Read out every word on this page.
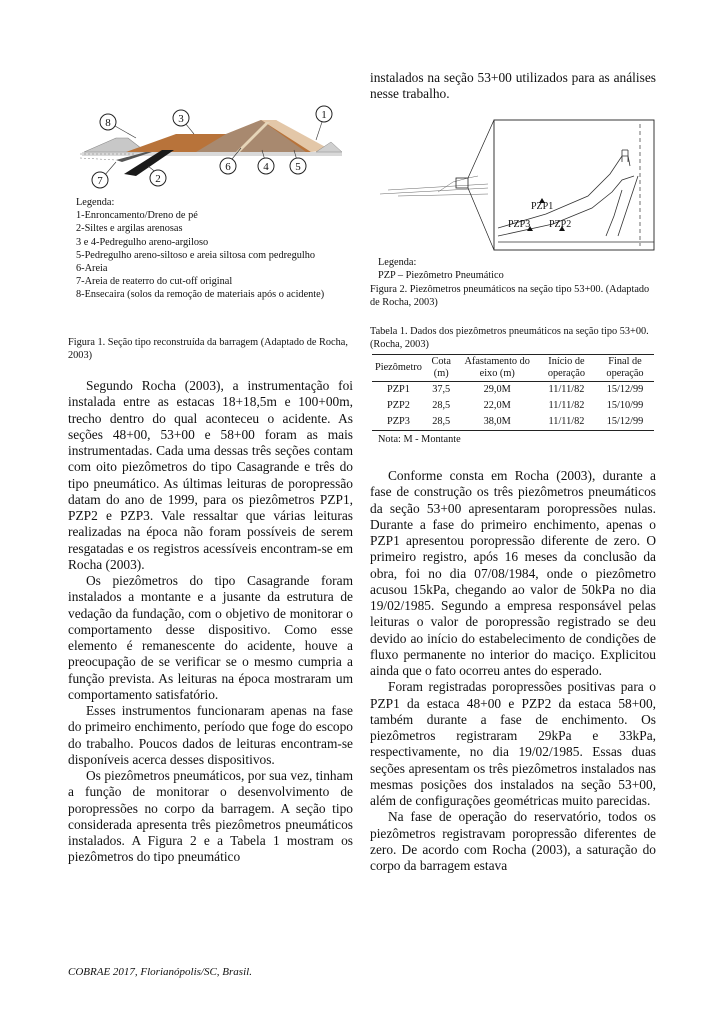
1
2
3
4 5
6
7
8
Legenda:
1-Enroncamento/Dreno de pé
2-Siltes e argilas arenosas
3 e 4-Pedregulho areno-argiloso
5-Pedregulho areno-siltoso e areia siltosa com pedregulho
6-Areia
7-Areia de reaterro do cut-off original
8-Ensecaira (solos da remoção de materiais após o acidente)
Figura 1. Seção tipo reconstruída da barragem (Adaptado de Rocha, 2003)

Segundo Rocha (2003), a instrumentação foi instalada entre as estacas 18+18,5m e 100+00m, trecho dentro do qual aconteceu o acidente. As seções 48+00, 53+00 e 58+00 foram as mais instrumentadas. Cada uma dessas três seções contam com oito piezômetros do tipo Casagrande e três do tipo pneumático. As últimas leituras de poropressão datam do ano de 1999, para os piezômetros PZP1, PZP2 e PZP3. Vale ressaltar que várias leituras realizadas na época não foram possíveis de serem resgatadas e os registros acessíveis encontram-se em Rocha (2003).

Os piezômetros do tipo Casagrande foram instalados a montante e a jusante da estrutura de vedação da fundação, com o objetivo de monitorar o comportamento desse dispositivo. Como esse elemento é remanescente do acidente, houve a preocupação de se verificar se o mesmo cumpria a função prevista. As leituras na época mostraram um comportamento satisfatório.

Esses instrumentos funcionaram apenas na fase do primeiro enchimento, período que foge do escopo do trabalho. Poucos dados de leituras encontram-se disponíveis acerca desses dispositivos.

Os piezômetros pneumáticos, por sua vez, tinham a função de monitorar o desenvolvimento de poropressões no corpo da barragem. A seção tipo considerada apresenta três piezômetros pneumáticos instalados. A Figura 2 e a Tabela 1 mostram os piezômetros do tipo pneumático

instalados na seção 53+00 utilizados para as análises nesse trabalho.

PZP1
PZP3 PZP2
Legenda:
PZP – Piezômetro Pneumático
Figura 2. Piezômetros pneumáticos na seção tipo 53+00. (Adaptado de Rocha, 2003)
Tabela 1. Dados dos piezômetros pneumáticos na seção tipo 53+00. (Rocha, 2003)
Piezômetro	Cota (m)	Afastamento do eixo (m)	Início de operação	Final de operação
PZP1	37,5	29,0M	11/11/82	15/12/99
PZP2	28,5	22,0M	11/11/82	15/10/99
PZP3	28,5	38,0M	11/11/82	15/12/99
Nota: M - Montante

Conforme consta em Rocha (2003), durante a fase de construção os três piezômetros pneumáticos da seção 53+00 apresentaram poropressões nulas. Durante a fase do primeiro enchimento, apenas o PZP1 apresentou poropressão diferente de zero. O primeiro registro, após 16 meses da conclusão da obra, foi no dia 07/08/1984, onde o piezômetro acusou 15kPa, chegando ao valor de 50kPa no dia 19/02/1985. Segundo a empresa responsável pelas leituras o valor de poropressão registrado se deu devido ao início do estabelecimento de condições de fluxo permanente no interior do maciço. Explicitou ainda que o fato ocorreu antes do esperado.

Foram registradas poropressões positivas para o PZP1 da estaca 48+00 e PZP2 da estaca 58+00, também durante a fase de enchimento. Os piezômetros registraram 29kPa e 33kPa, respectivamente, no dia 19/02/1985. Essas duas seções apresentam os três piezômetros instalados nas mesmas posições dos instalados na seção 53+00, além de configurações geométricas muito parecidas.

Na fase de operação do reservatório, todos os piezômetros registravam poropressão diferentes de zero. De acordo com Rocha (2003), a saturação do corpo da barragem estava

COBRAE 2017, Florianópolis/SC, Brasil.
